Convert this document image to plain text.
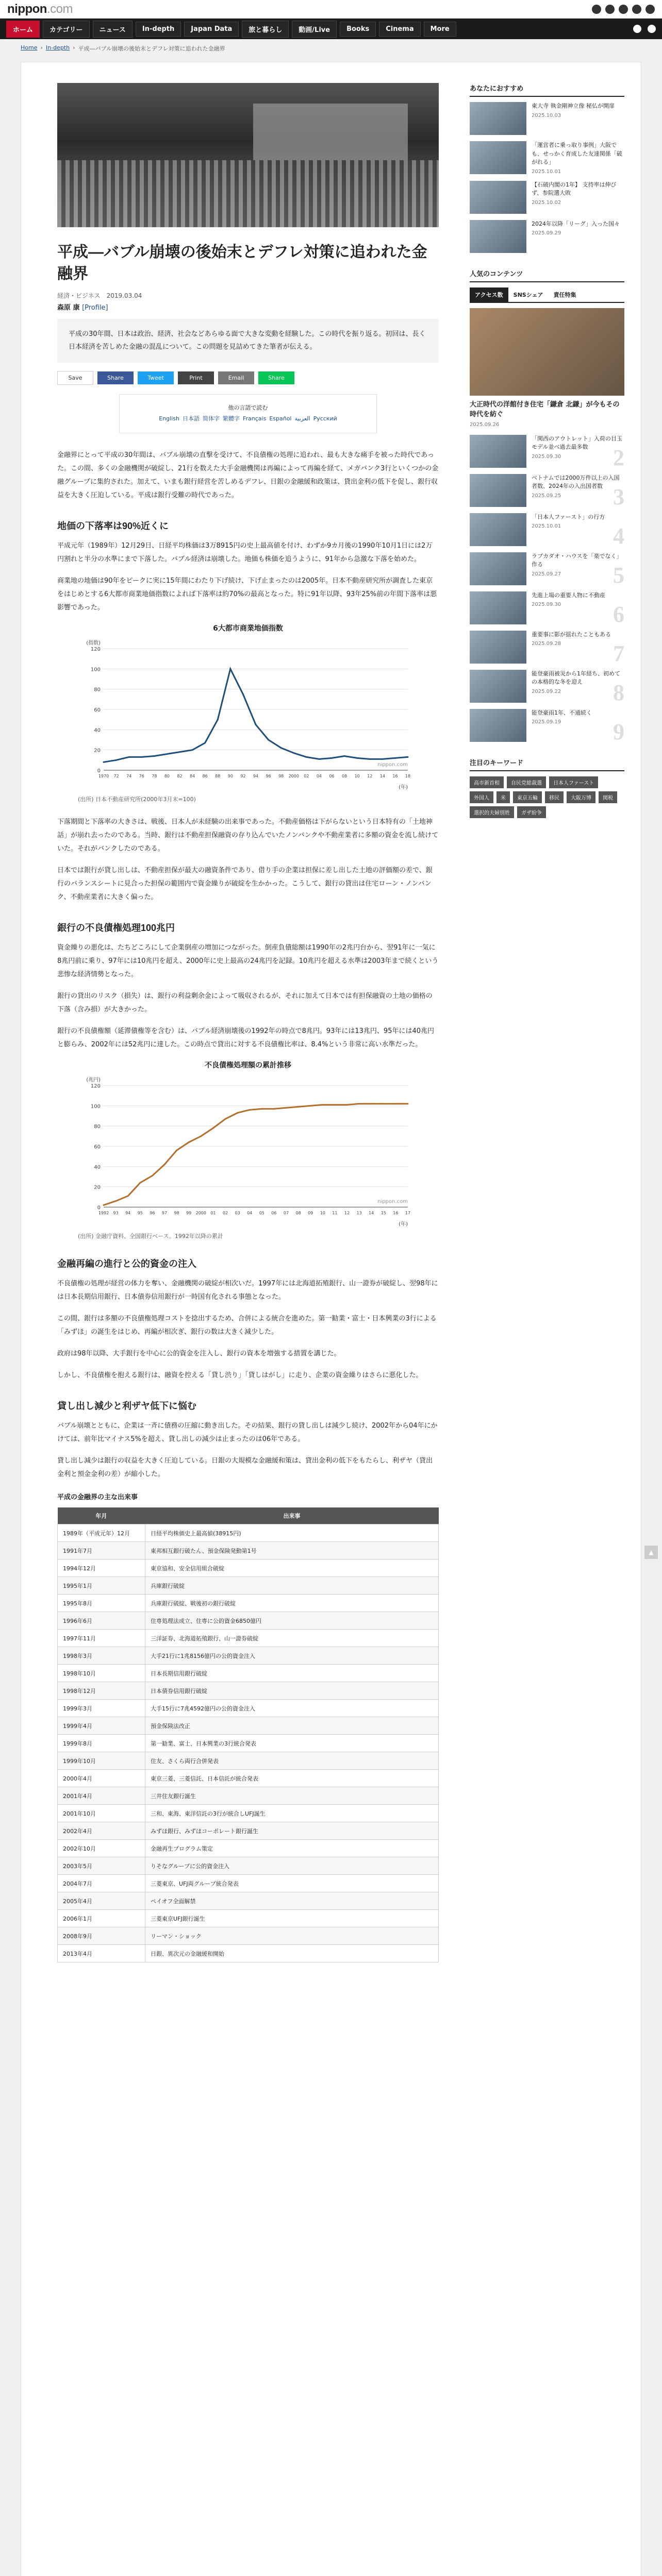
nippon.com
ホーム	カテゴリー	ニュース	In-depth	Japan Data	旅と暮らし	動画/Live	Books	Cinema	More
Home › In-depth › 平成―バブル崩壊の後始末とデフレ対策に追われた金融界
平成―バブル崩壊の後始末とデフレ対策に追われた金融界
経済・ビジネス　2019.03.04
森原 康 [Profile]
平成の30年間、日本は政治、経済、社会などあらゆる面で大きな変動を経験した。この時代を振り返る。初回は、長く日本経済を苦しめた金融の混乱について。この問題を見詰めてきた筆者が伝える。
Save	Share	Tweet	Print	Email	Share
他の言語で読む
English 日本語 简体字 繁體字 Français Español العربية Русский

金融界にとって平成の30年間は、バブル崩壊の直撃を受けて、不良債権の処理に追われ、最も大きな痛手を被った時代であった。この間、多くの金融機関が破綻し、21行を数えた大手金融機関は再編によって再編を経て、メガバンク3行といくつかの金融グループに集約された。加えて、いまも銀行経営を苦しめるデフレ、日銀の金融緩和政策は、貸出金利の低下を促し、銀行収益を大きく圧迫している。平成は銀行受難の時代であった。

地価の下落率は90%近くに

平成元年（1989年）12月29日、日経平均株価は3万8915円の史上最高値を付け、わずか9カ月後の1990年10月1日には2万円割れと半分の水準にまで下落した。バブル経済は崩壊した。地価も株価を追うように、91年から急激な下落を始めた。

商業地の地価は90年をピークに実に15年間にわたり下げ続け、下げ止まったのは2005年。日本不動産研究所が調査した東京をはじめとする6大都市商業地価指数によれば下落率は約70%の最高となった。特に91年以降、93年25%前の年間下落率は悪影響であった。

6大都市商業地価指数
0
20
40
60
80
100
120
(指数)
(年)
1970 72 74 76 78 80 82 84 86 88 90 92 94 96 98 2000 02 04 06 08 10 12 14 16 18
nippon.com
(出所) 日本不動産研究所(2000年3月末=100)

下落期間と下落率の大きさは、戦後、日本人が未経験の出来事であった。不動産価格は下がらないという日本特有の「土地神話」が崩れ去ったのである。当時、銀行は不動産担保融資の存り込んでいたノンバンクや不動産業者に多額の資金を流し続けていた。それがバンクしたのである。

日本では銀行が貸し出しは、不動産担保が最大の融資条件であり、借り手の企業は担保に差し出した土地の評価額の差で、銀行のバランスシートに見合った担保の範囲内で資金繰りが破綻を生かかった。こうして、銀行の貸出は住宅ローン・ノンバンク、不動産業者に大きく偏った。

銀行の不良債権処理100兆円

資金繰りの悪化は、たちどころにして企業倒産の増加につながった。倒産負債総額は1990年の2兆円台から、翌91年に一気に8兆円前に乗り、97年には10兆円を超え、2000年に史上最高の24兆円を記録。10兆円を超える水準は2003年まで続くという悲惨な経済情勢となった。

銀行の貸出のリスク（損失）は、銀行の利益剰余金によって吸収されるが、それに加えて日本では有担保融資の土地の価格の下落（含み損）が大きかった。

銀行の不良債権額（延滞債権等を含む）は、バブル経済崩壊後の1992年の時点で8兆円。93年には13兆円、95年には40兆円と膨らみ、2002年には52兆円に達した。この時点で貸出に対する不良債権比率は、8.4%という非常に高い水準だった。

不良債権処理額の累計推移
0
20
40
60
80
100
120
(兆円)
(年)
1992 93 94 95 96 97 98 99 2000 01 02 03 04 05 06 07 08 09 10 11 12 13 14 15 16 17
nippon.com
(出所) 金融庁資料、全国銀行ベース。1992年以降の累計
金融再編の進行と公的資金の注入

不良債権の処理が経営の体力を奪い、金融機関の破綻が相次いだ。1997年には北海道拓殖銀行、山一證券が破綻し、翌98年には日本長期信用銀行、日本債券信用銀行が一時国有化される事態となった。

この間、銀行は多額の不良債権処理コストを捻出するため、合併による統合を進めた。第一勧業・富士・日本興業の3行による「みずほ」の誕生をはじめ、再編が相次ぎ、銀行の数は大きく減少した。

政府は98年以降、大手銀行を中心に公的資金を注入し、銀行の資本を増強する措置を講じた。

しかし、不良債権を抱える銀行は、融資を控える「貸し渋り」「貸しはがし」に走り、企業の資金繰りはさらに悪化した。

貸し出し減少と利ザヤ低下に悩む

バブル崩壊とともに、企業は一斉に債務の圧縮に動き出した。その結果、銀行の貸し出しは減少し続け、2002年から04年にかけては、前年比マイナス5%を超え、貸し出しの減少は止まったのは06年である。

貸し出し減少は銀行の収益を大きく圧迫している。日銀の大規模な金融緩和策は、貸出金利の低下をもたらし、利ザヤ（貸出金利と預金金利の差）が縮小した。

平成の金融界の主な出来事
年月	出来事
1989年（平成元年）12月	日経平均株価史上最高値(38915円)
1991年7月	東邦相互銀行破たん、預金保険発動第1号
1994年12月	東京協和、安全信用組合破綻
1995年1月	兵庫銀行破綻
1995年8月	兵庫銀行破綻、戦後初の銀行破綻
1996年6月	住専処理法成立、住専に公的資金6850億円
1997年11月	三洋証券、北海道拓殖銀行、山一證券破綻
1998年3月	大手21行に1兆8156億円の公的資金注入
1998年10月	日本長期信用銀行破綻
1998年12月	日本債券信用銀行破綻
1999年3月	大手15行に7兆4592億円の公的資金注入
1999年4月	預金保険法改正
1999年8月	第一勧業、富士、日本興業の3行統合発表
1999年10月	住友、さくら両行合併発表
2000年4月	東京三菱、三菱信託、日本信託が統合発表
2001年4月	三井住友銀行誕生
2001年10月	三和、東海、東洋信託の3行が統合しUFJ誕生
2002年4月	みずほ銀行、みずほコーポレート銀行誕生
2002年10月	金融再生プログラム策定
2003年5月	りそなグループに公的資金注入
2004年7月	三菱東京、UFJ両グループ統合発表
2005年4月	ペイオフ全面解禁
2006年1月	三菱東京UFJ銀行誕生
2008年9月	リーマン・ショック
2013年4月	日銀、異次元の金融緩和開始
あなたにおすすめ
東大寺 執金剛神立像 秘仏が開扉
2025.10.03
「運営者に乗っ取り事例」大阪でも、せっかく育成した友達関係「破がれる」
2025.10.01
【石破内閣の1年】 支持率は伸びず、参院選大敗
2025.10.02
2024年以降「リーグ」入った国々
2025.09.29
人気のコンテンツ
アクセス数	SNSシェア	責任特集
大正時代の洋館付き住宅「鎌倉 北鎌」が今もその時代を紡ぐ
2025.09.26
「関西のアウトレット」入荷の目玉モデル並べ過去最多数
2025.09.30	2
ベトナムでは2000万件以上の入国者数、2024年の入出国者数
2025.09.25	3
「日本人ファースト」の行方
2025.10.01	4
ラブカダオ・ハウスを「楽でなく」作る
2025.09.27	5
先進上場の重要人物に不動産
2025.09.30	6
重要事に影が揺れたこともある
2025.09.28	7
能登豪雨被災から1年経ち、初めての本格的な冬を迎え
2025.09.22	8
能登豪雨1年、不通続く
2025.09.19	9
注目のキーワード
高市新首相	自民党総裁選	日本人ファースト
外国人	米	東京五輪	移民	大阪万博	関税
選択的夫婦別姓	ガザ紛争
▲
